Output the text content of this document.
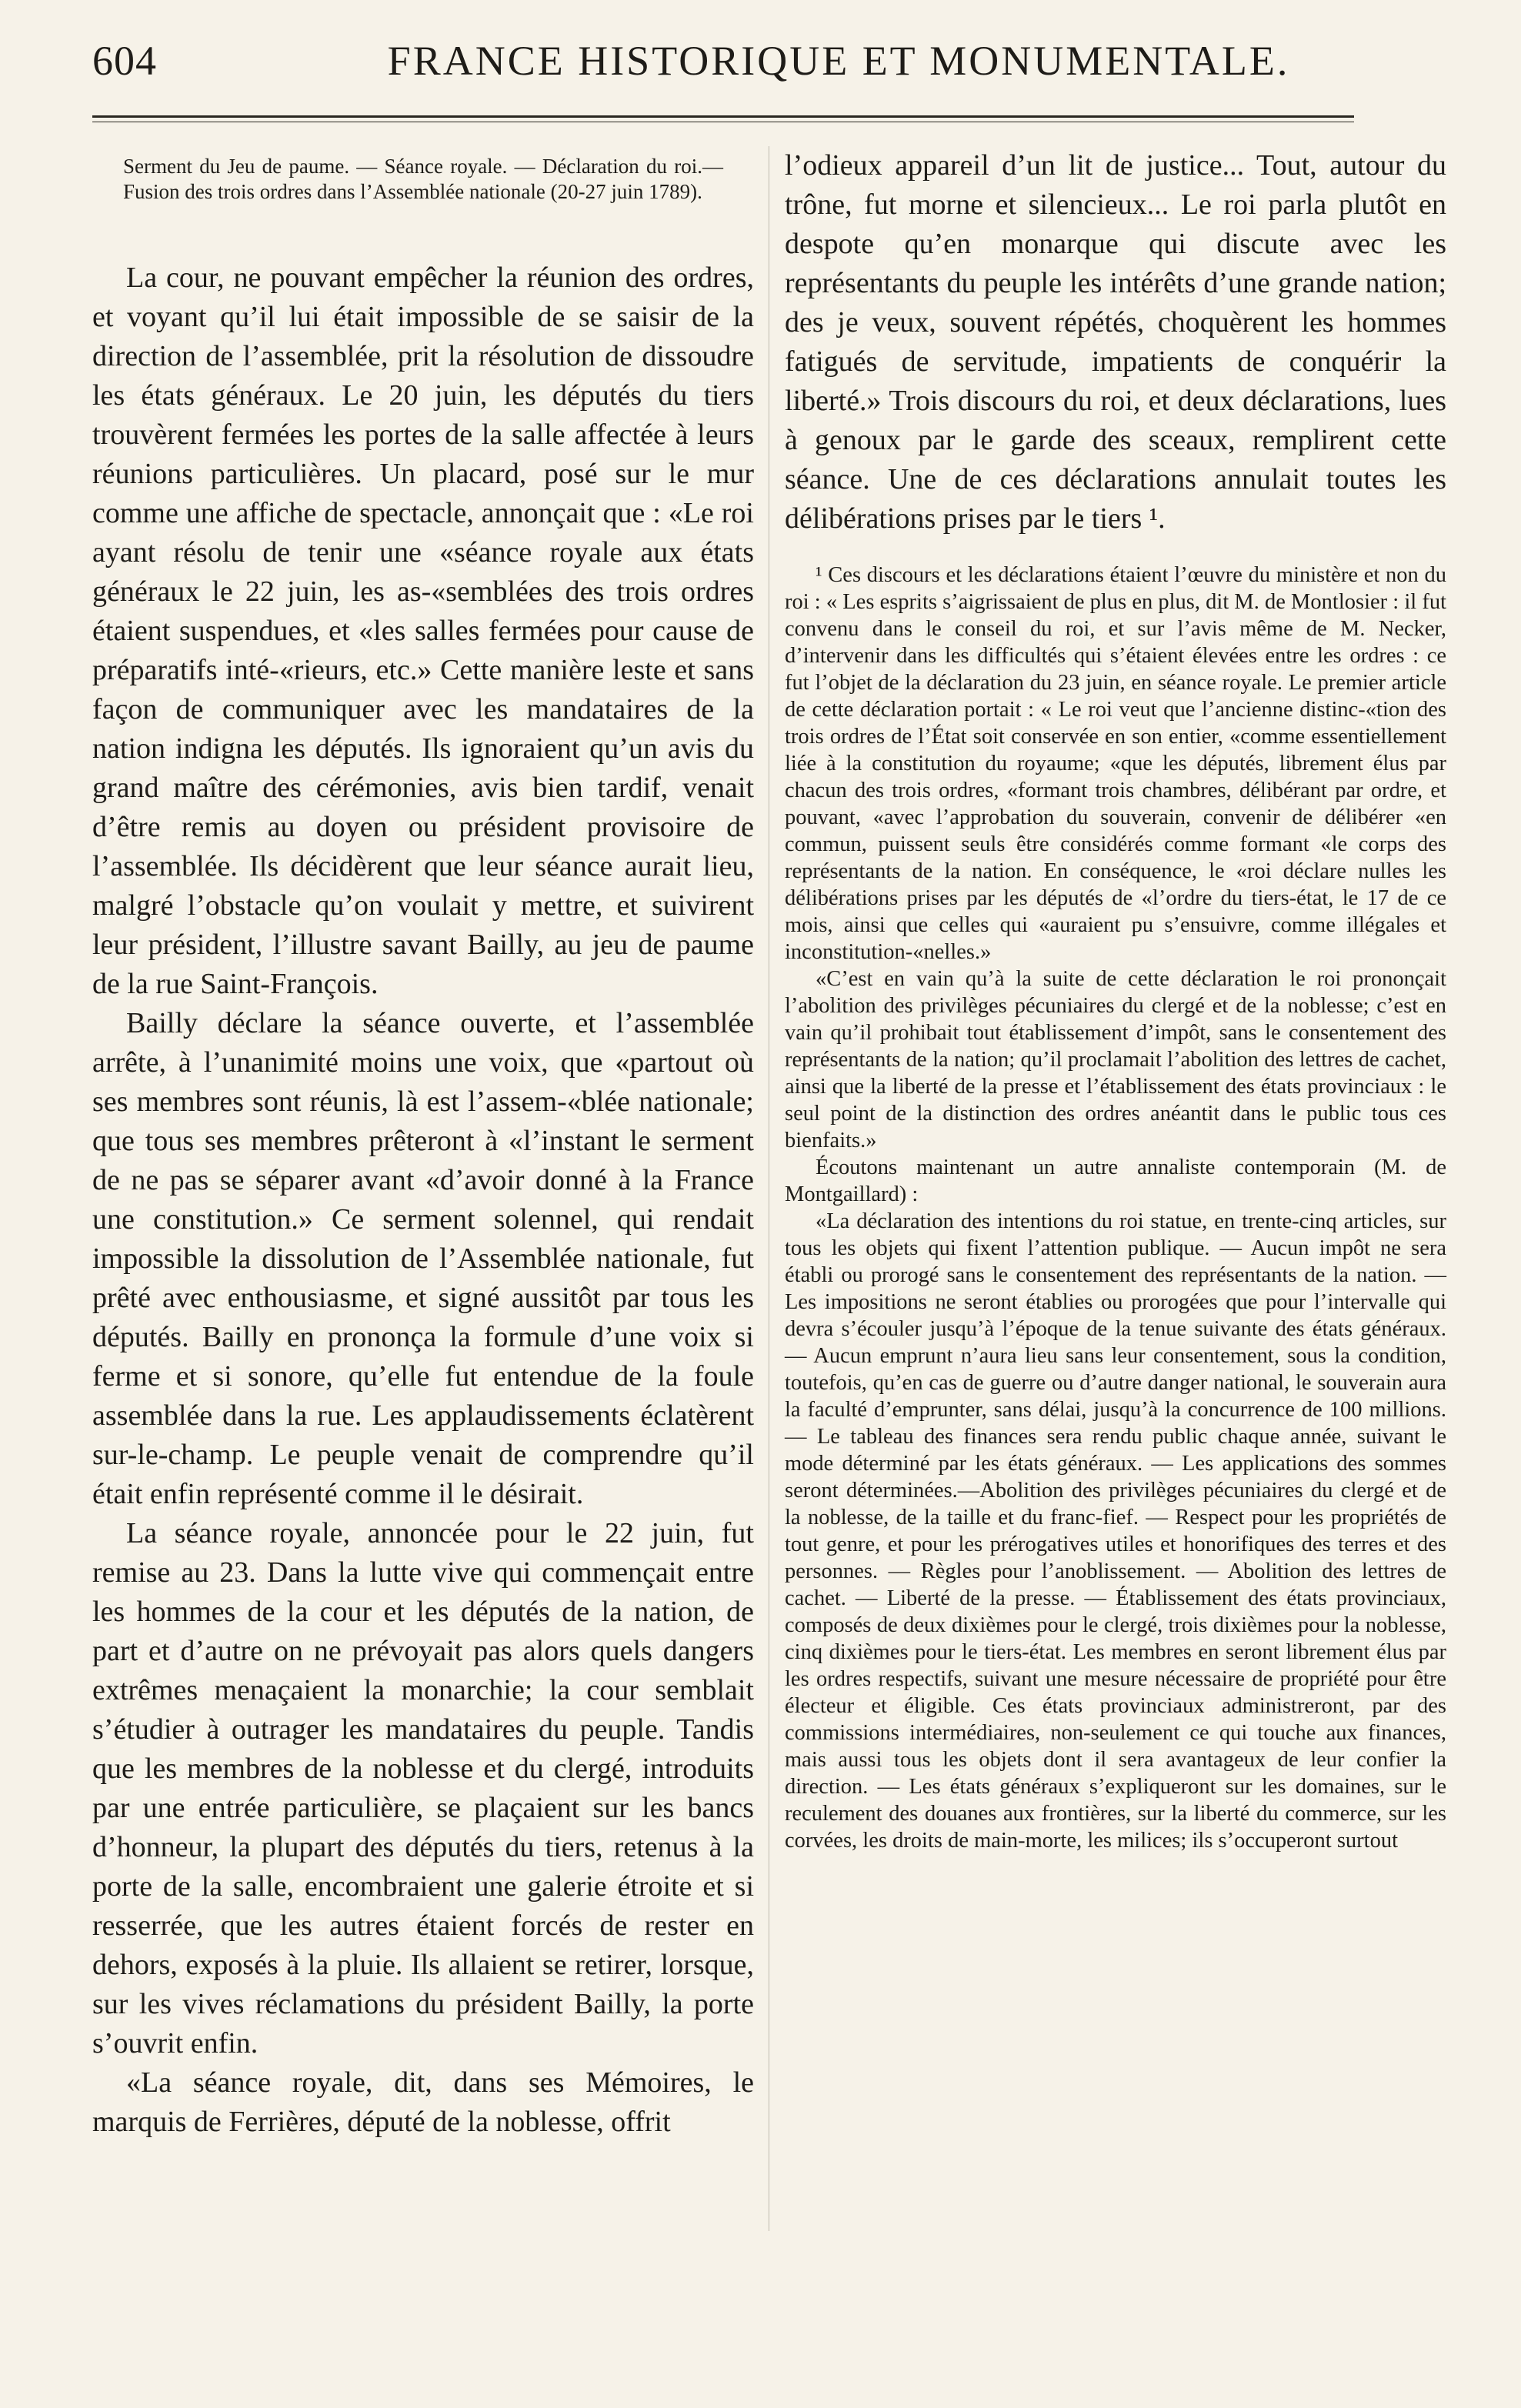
604	FRANCE HISTORIQUE ET MONUMENTALE.

Serment du Jeu de paume. — Séance royale. — Déclaration du roi.— Fusion des trois ordres dans l’Assemblée nationale (20-27 juin 1789).

La cour, ne pouvant empêcher la réunion des ordres, et voyant qu’il lui était impossible de se saisir de la direction de l’assemblée, prit la résolution de dissoudre les états généraux. Le 20 juin, les députés du tiers trouvèrent fermées les portes de la salle affectée à leurs réunions particulières. Un placard, posé sur le mur comme une affiche de spectacle, annonçait que : «Le roi ayant résolu de tenir une «séance royale aux états généraux le 22 juin, les as-«semblées des trois ordres étaient suspendues, et «les salles fermées pour cause de préparatifs inté-«rieurs, etc.» Cette manière leste et sans façon de communiquer avec les mandataires de la nation indigna les députés. Ils ignoraient qu’un avis du grand maître des cérémonies, avis bien tardif, venait d’être remis au doyen ou président provisoire de l’assemblée. Ils décidèrent que leur séance aurait lieu, malgré l’obstacle qu’on voulait y mettre, et suivirent leur président, l’illustre savant Bailly, au jeu de paume de la rue Saint-François.

Bailly déclare la séance ouverte, et l’assemblée arrête, à l’unanimité moins une voix, que «partout où ses membres sont réunis, là est l’assem-«blée nationale; que tous ses membres prêteront à «l’instant le serment de ne pas se séparer avant «d’avoir donné à la France une constitution.» Ce serment solennel, qui rendait impossible la dissolution de l’Assemblée nationale, fut prêté avec enthousiasme, et signé aussitôt par tous les députés. Bailly en prononça la formule d’une voix si ferme et si sonore, qu’elle fut entendue de la foule assemblée dans la rue. Les applaudissements éclatèrent sur-le-champ. Le peuple venait de comprendre qu’il était enfin représenté comme il le désirait.

La séance royale, annoncée pour le 22 juin, fut remise au 23. Dans la lutte vive qui commençait entre les hommes de la cour et les députés de la nation, de part et d’autre on ne prévoyait pas alors quels dangers extrêmes menaçaient la monarchie; la cour semblait s’étudier à outrager les mandataires du peuple. Tandis que les membres de la noblesse et du clergé, introduits par une entrée particulière, se plaçaient sur les bancs d’honneur, la plupart des députés du tiers, retenus à la porte de la salle, encombraient une galerie étroite et si resserrée, que les autres étaient forcés de rester en dehors, exposés à la pluie. Ils allaient se retirer, lorsque, sur les vives réclamations du président Bailly, la porte s’ouvrit enfin.

«La séance royale, dit, dans ses Mémoires, le marquis de Ferrières, député de la noblesse, offrit

l’odieux appareil d’un lit de justice... Tout, autour du trône, fut morne et silencieux... Le roi parla plutôt en despote qu’en monarque qui discute avec les représentants du peuple les intérêts d’une grande nation; des je veux, souvent répétés, choquèrent les hommes fatigués de servitude, impatients de conquérir la liberté.» Trois discours du roi, et deux déclarations, lues à genoux par le garde des sceaux, remplirent cette séance. Une de ces déclarations annulait toutes les délibérations prises par le tiers ¹.

¹ Ces discours et les déclarations étaient l’œuvre du ministère et non du roi : « Les esprits s’aigrissaient de plus en plus, dit M. de Montlosier : il fut convenu dans le conseil du roi, et sur l’avis même de M. Necker, d’intervenir dans les difficultés qui s’étaient élevées entre les ordres : ce fut l’objet de la déclaration du 23 juin, en séance royale. Le premier article de cette déclaration portait : « Le roi veut que l’ancienne distinc-«tion des trois ordres de l’État soit conservée en son entier, «comme essentiellement liée à la constitution du royaume; «que les députés, librement élus par chacun des trois ordres, «formant trois chambres, délibérant par ordre, et pouvant, «avec l’approbation du souverain, convenir de délibérer «en commun, puissent seuls être considérés comme formant «le corps des représentants de la nation. En conséquence, le «roi déclare nulles les délibérations prises par les députés de «l’ordre du tiers-état, le 17 de ce mois, ainsi que celles qui «auraient pu s’ensuivre, comme illégales et inconstitution-«nelles.»

«C’est en vain qu’à la suite de cette déclaration le roi prononçait l’abolition des privilèges pécuniaires du clergé et de la noblesse; c’est en vain qu’il prohibait tout établissement d’impôt, sans le consentement des représentants de la nation; qu’il proclamait l’abolition des lettres de cachet, ainsi que la liberté de la presse et l’établissement des états provinciaux : le seul point de la distinction des ordres anéantit dans le public tous ces bienfaits.»

Écoutons maintenant un autre annaliste contemporain (M. de Montgaillard) :

«La déclaration des intentions du roi statue, en trente-cinq articles, sur tous les objets qui fixent l’attention publique. — Aucun impôt ne sera établi ou prorogé sans le consentement des représentants de la nation. — Les impositions ne seront établies ou prorogées que pour l’intervalle qui devra s’écouler jusqu’à l’époque de la tenue suivante des états généraux. — Aucun emprunt n’aura lieu sans leur consentement, sous la condition, toutefois, qu’en cas de guerre ou d’autre danger national, le souverain aura la faculté d’emprunter, sans délai, jusqu’à la concurrence de 100 millions. — Le tableau des finances sera rendu public chaque année, suivant le mode déterminé par les états généraux. — Les applications des sommes seront déterminées.—Abolition des privilèges pécuniaires du clergé et de la noblesse, de la taille et du franc-fief. — Respect pour les propriétés de tout genre, et pour les prérogatives utiles et honorifiques des terres et des personnes. — Règles pour l’anoblissement. — Abolition des lettres de cachet. — Liberté de la presse. — Établissement des états provinciaux, composés de deux dixièmes pour le clergé, trois dixièmes pour la noblesse, cinq dixièmes pour le tiers-état. Les membres en seront librement élus par les ordres respectifs, suivant une mesure nécessaire de propriété pour être électeur et éligible. Ces états provinciaux administreront, par des commissions intermédiaires, non-seulement ce qui touche aux finances, mais aussi tous les objets dont il sera avantageux de leur confier la direction. — Les états généraux s’expliqueront sur les domaines, sur le reculement des douanes aux frontières, sur la liberté du commerce, sur les corvées, les droits de main-morte, les milices; ils s’occuperont surtout
